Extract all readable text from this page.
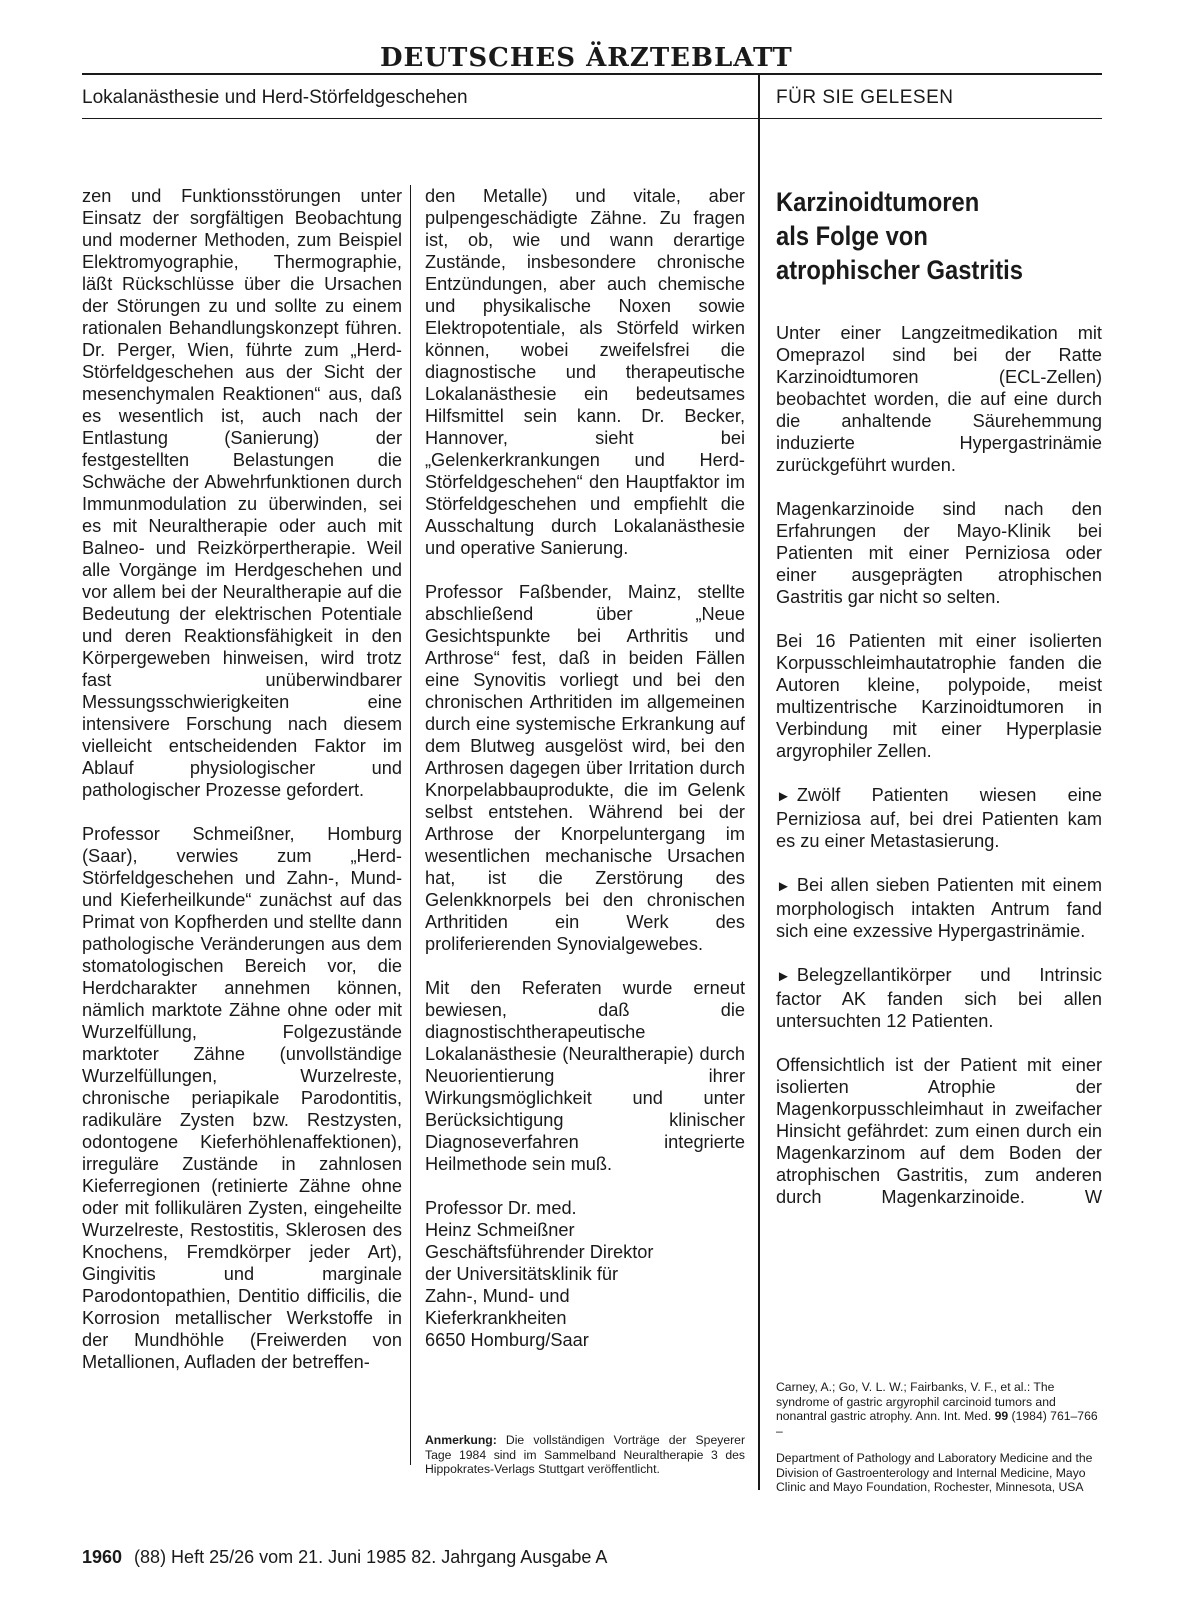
DEUTSCHES ÄRZTEBLATT
Lokalanästhesie und Herd-Störfeldgeschehen	FÜR SIE GELESEN

zen und Funktionsstörungen unter Einsatz der sorgfältigen Beobachtung und moderner Methoden, zum Beispiel Elektromyographie, Thermographie, läßt Rückschlüsse über die Ursachen der Störungen zu und sollte zu einem rationalen Behandlungskonzept führen. Dr. Perger, Wien, führte zum „Herd-Störfeldgeschehen aus der Sicht der mesenchymalen Reaktionen“ aus, daß es wesentlich ist, auch nach der Entlastung (Sanierung) der festgestellten Belastungen die Schwäche der Abwehrfunktionen durch Immunmodulation zu überwinden, sei es mit Neuraltherapie oder auch mit Balneo- und Reizkörpertherapie. Weil alle Vorgänge im Herdgeschehen und vor allem bei der Neuraltherapie auf die Bedeutung der elektrischen Potentiale und deren Reaktionsfähigkeit in den Körpergeweben hinweisen, wird trotz fast unüberwindbarer Messungsschwierigkeiten eine intensivere Forschung nach diesem vielleicht entscheidenden Faktor im Ablauf physiologischer und pathologischer Prozesse gefordert.

Professor Schmeißner, Homburg (Saar), verwies zum „Herd-Störfeldgeschehen und Zahn-, Mund- und Kieferheilkunde“ zunächst auf das Primat von Kopfherden und stellte dann pathologische Veränderungen aus dem stomatologischen Bereich vor, die Herdcharakter annehmen können, nämlich marktote Zähne ohne oder mit Wurzelfüllung, Folgezustände marktoter Zähne (unvollständige Wurzelfüllungen, Wurzelreste, chronische periapikale Parodontitis, radikuläre Zysten bzw. Restzysten, odontogene Kieferhöhlenaffektionen), irreguläre Zustände in zahnlosen Kieferregionen (retinierte Zähne ohne oder mit follikulären Zysten, eingeheilte Wurzelreste, Restostitis, Sklerosen des Knochens, Fremdkörper jeder Art), Gingivitis und marginale Parodontopathien, Dentitio difficilis, die Korrosion metallischer Werkstoffe in der Mundhöhle (Freiwerden von Metallionen, Aufladen der betreffen-

den Metalle) und vitale, aber pulpengeschädigte Zähne. Zu fragen ist, ob, wie und wann derartige Zustände, insbesondere chronische Entzündungen, aber auch chemische und physikalische Noxen sowie Elektropotentiale, als Störfeld wirken können, wobei zweifelsfrei die diagnostische und therapeutische Lokalanästhesie ein bedeutsames Hilfsmittel sein kann. Dr. Becker, Hannover, sieht bei „Gelenkerkrankungen und Herd-Störfeldgeschehen“ den Hauptfaktor im Störfeldgeschehen und empfiehlt die Ausschaltung durch Lokalanästhesie und operative Sanierung.

Professor Faßbender, Mainz, stellte abschließend über „Neue Gesichtspunkte bei Arthritis und Arthrose“ fest, daß in beiden Fällen eine Synovitis vorliegt und bei den chronischen Arthritiden im allgemeinen durch eine systemische Erkrankung auf dem Blutweg ausgelöst wird, bei den Arthrosen dagegen über Irritation durch Knorpelabbauprodukte, die im Gelenk selbst entstehen. Während bei der Arthrose der Knorpeluntergang im wesentlichen mechanische Ursachen hat, ist die Zerstörung des Gelenkknorpels bei den chronischen Arthritiden ein Werk des proliferierenden Synovialgewebes.

Mit den Referaten wurde erneut bewiesen, daß die diagnostischtherapeutische Lokalanästhesie (Neuraltherapie) durch Neuorientierung ihrer Wirkungsmöglichkeit und unter Berücksichtigung klinischer Diagnoseverfahren integrierte Heilmethode sein muß.

Professor Dr. med.
Heinz Schmeißner
Geschäftsführender Direktor
der Universitätsklinik für
Zahn-, Mund- und
Kieferkrankheiten
6650 Homburg/Saar
Anmerkung: Die vollständigen Vorträge der Speyerer Tage 1984 sind im Sammelband Neuraltherapie 3 des Hippokrates-Verlags Stuttgart veröffentlicht.
Karzinoidtumoren
als Folge von
atrophischer Gastritis

Unter einer Langzeitmedikation mit Omeprazol sind bei der Ratte Karzinoidtumoren (ECL-Zellen) beobachtet worden, die auf eine durch die anhaltende Säurehemmung induzierte Hypergastrinämie zurückgeführt wurden.

Magenkarzinoide sind nach den Erfahrungen der Mayo-Klinik bei Patienten mit einer Perniziosa oder einer ausgeprägten atrophischen Gastritis gar nicht so selten.

Bei 16 Patienten mit einer isolierten Korpusschleimhautatrophie fanden die Autoren kleine, polypoide, meist multizentrische Karzinoidtumoren in Verbindung mit einer Hyperplasie argyrophiler Zellen.

► Zwölf Patienten wiesen eine Perniziosa auf, bei drei Patienten kam es zu einer Metastasierung.

► Bei allen sieben Patienten mit einem morphologisch intakten Antrum fand sich eine exzessive Hypergastrinämie.

► Belegzellantikörper und Intrinsic factor AK fanden sich bei allen untersuchten 12 Patienten.

Offensichtlich ist der Patient mit einer isolierten Atrophie der Magenkorpusschleimhaut in zweifacher Hinsicht gefährdet: zum einen durch ein Magenkarzinom auf dem Boden der atrophischen Gastritis, zum anderen durch Magenkarzinoide.	W

Carney, A.; Go, V. L. W.; Fairbanks, V. F., et al.: The syndrome of gastric argyrophil carcinoid tumors and nonantral gastric atrophy. Ann. Int. Med. 99 (1984) 761–766 –
Department of Pathology and Laboratory Medicine and the Division of Gastroenterology and Internal Medicine, Mayo Clinic and Mayo Foundation, Rochester, Minnesota, USA
1960 (88) Heft 25/26 vom 21. Juni 1985 82. Jahrgang Ausgabe A
